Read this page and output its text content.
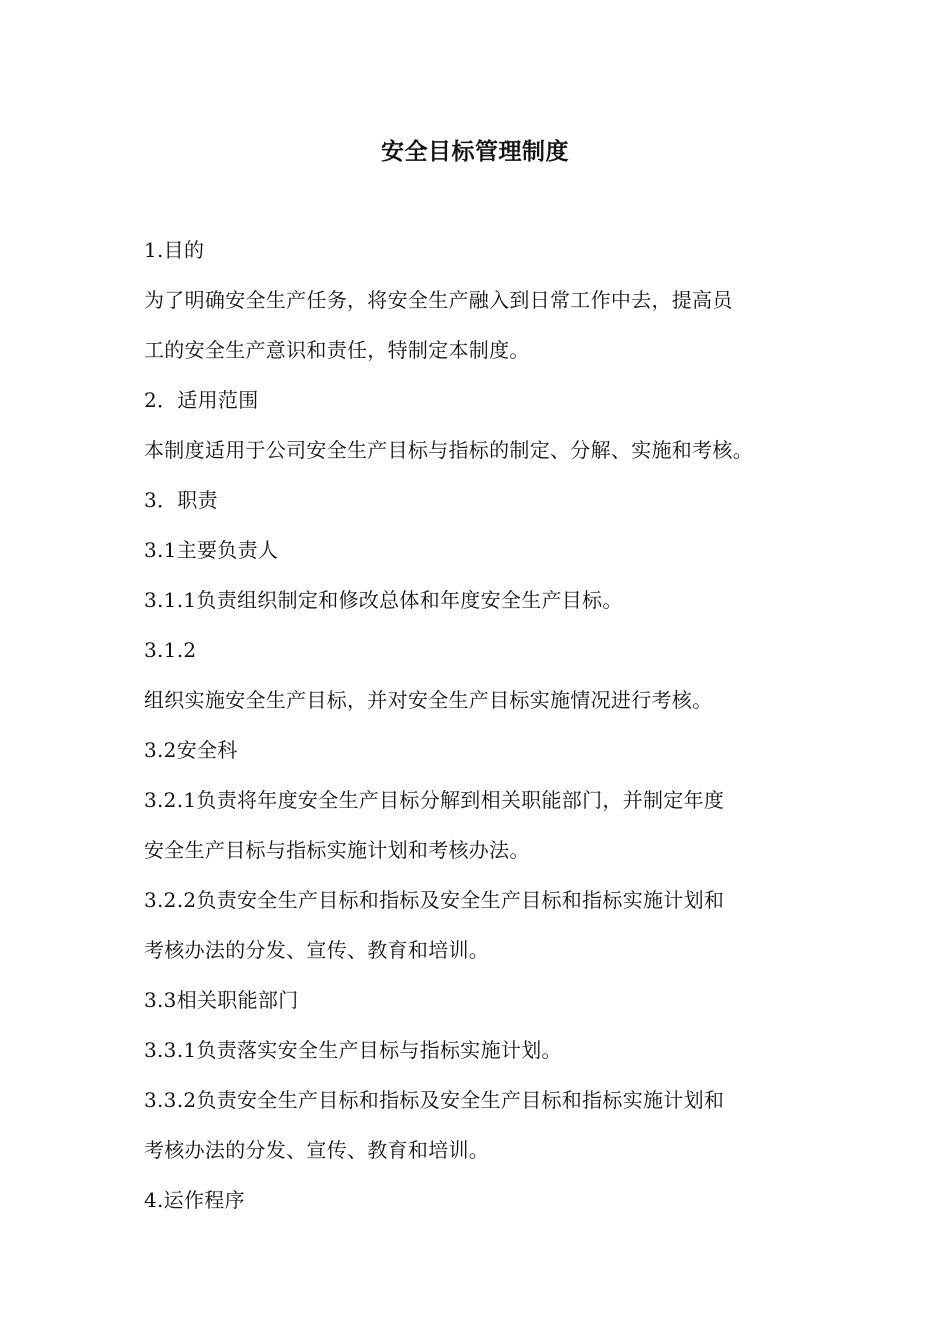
安全目标管理制度
1.目的
为了明确安全生产任务，将安全生产融入到日常工作中去，提高员
工的安全生产意识和责任，特制定本制度。
2．适用范围
本制度适用于公司安全生产目标与指标的制定、分解、实施和考核。
3．职责
3.1主要负责人
3.1.1负责组织制定和修改总体和年度安全生产目标。
3.1.2
组织实施安全生产目标，并对安全生产目标实施情况进行考核。
3.2安全科
3.2.1负责将年度安全生产目标分解到相关职能部门，并制定年度
安全生产目标与指标实施计划和考核办法。
3.2.2负责安全生产目标和指标及安全生产目标和指标实施计划和
考核办法的分发、宣传、教育和培训。
3.3相关职能部门
3.3.1负责落实安全生产目标与指标实施计划。
3.3.2负责安全生产目标和指标及安全生产目标和指标实施计划和
考核办法的分发、宣传、教育和培训。
4.运作程序
